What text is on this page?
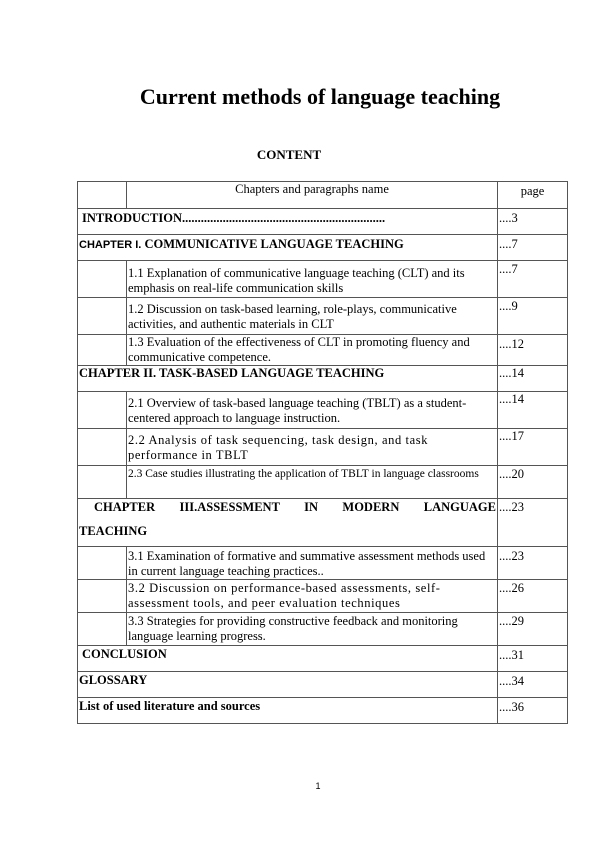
Current methods of language teaching
CONTENT
	Chapters and paragraphs name	page
INTRODUCTION.................................................................		....3
CHAPTER I. COMMUNICATIVE LANGUAGE TEACHING		....7
	1.1 Explanation of communicative language teaching (CLT) and its emphasis on real-life communication skills	....7
	1.2 Discussion on task-based learning, role-plays, communicative activities, and authentic materials in CLT	....9
	1.3 Evaluation of the effectiveness of CLT in promoting fluency and communicative competence.	....12
CHAPTER II. TASK-BASED LANGUAGE TEACHING		....14
	2.1 Overview of task-based language teaching (TBLT) as a student-centered approach to language instruction.	....14
	2.2 Analysis of task sequencing, task design, and task performance in TBLT	....17
	2.3 Case studies illustrating the application of TBLT in language classrooms	....20

CHAPTER III.ASSESSMENT IN MODERN LANGUAGE
TEACHING		....23
	3.1 Examination of formative and summative assessment methods used in current language teaching practices..	....23
	3.2 Discussion on performance-based assessments, self-assessment tools, and peer evaluation techniques	....26
	3.3 Strategies for providing constructive feedback and monitoring language learning progress.	....29
CONCLUSION		....31
GLOSSARY		....34
List of used literature and sources		....36
1
